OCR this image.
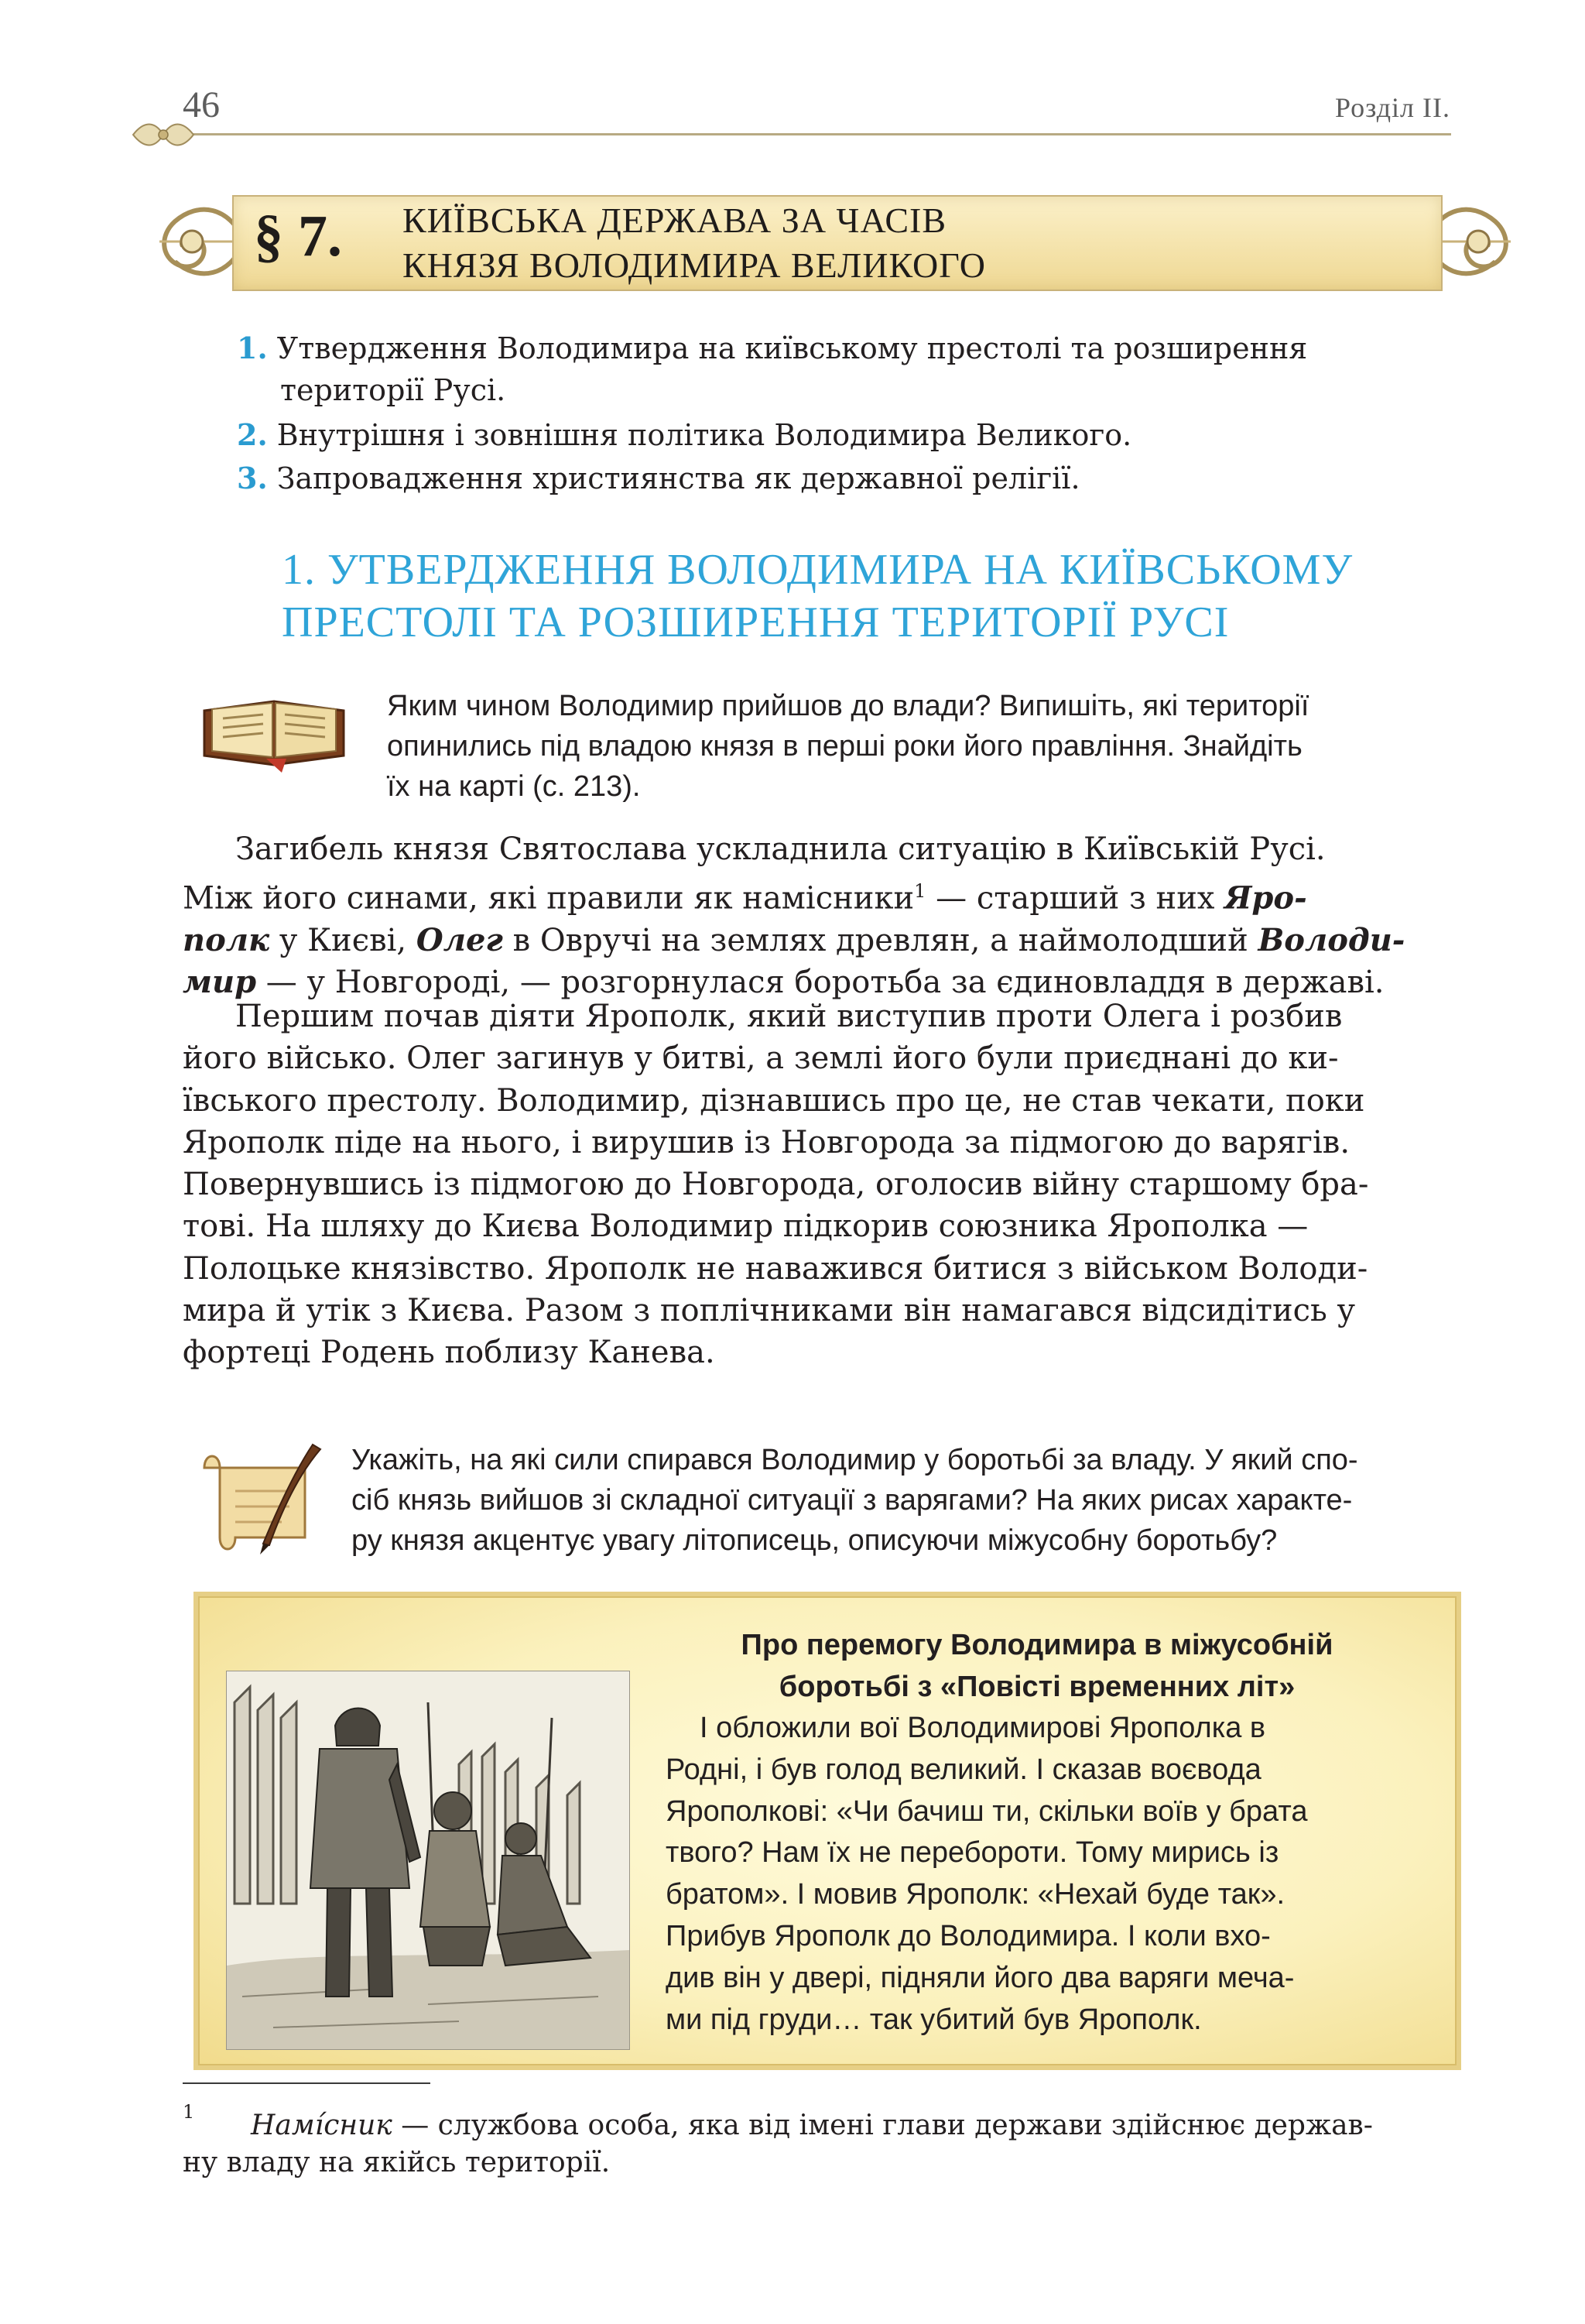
46	Розділ ІІ.
§ 7. КИЇВСЬКА ДЕРЖАВА ЗА ЧАСІВ
КНЯЗЯ ВОЛОДИМИРА ВЕЛИКОГО
1. Утвердження Володимира на київському престолі та розширення
території Русі.
2. Внутрішня і зовнішня політика Володимира Великого.
3. Запровадження християнства як державної релігії.
1. УТВЕРДЖЕННЯ ВОЛОДИМИРА НА КИЇВСЬКОМУ
ПРЕСТОЛІ ТА РОЗШИРЕННЯ ТЕРИТОРІЇ РУСІ
Яким чином Володимир прийшов до влади? Випишіть, які території
опинились під владою князя в перші роки його правління. Знайдіть
їх на карті (с. 213).
Загибель князя Святослава ускладнила ситуацію в Київській Русі.
Між його синами, які правили як намісники$^1$ — старший з них Яро-
полк у Києві, Олег в Овручі на землях древлян, а наймолодший Володи-
мир — у Новгороді, — розгорнулася боротьба за єдиновладдя в державі.
Першим почав діяти Ярополк, який виступив проти Олега і розбив
його військо. Олег загинув у битві, а землі його були приєднані до ки-
ївського престолу. Володимир, дізнавшись про це, не став чекати, поки
Ярополк піде на нього, і вирушив із Новгорода за підмогою до варягів.
Повернувшись із підмогою до Новгорода, оголосив війну старшому бра-
тові. На шляху до Києва Володимир підкорив союзника Ярополка —
Полоцьке князівство. Ярополк не наважився битися з військом Володи-
мира й утік з Києва. Разом з поплічниками він намагався відсидітись у
фортеці Родень поблизу Канева.
Укажіть, на які сили спирався Володимир у боротьбі за владу. У який спо-
сіб князь вийшов зі складної ситуації з варягами? На яких рисах характе-
ру князя акцентує увагу літописець, описуючи міжусобну боротьбу?
Про перемогу Володимира в міжусобній
боротьбі з «Повісті временних літ»
І обложили вої Володимирові Ярополка в
Родні, і був голод великий. І сказав воєвода
Ярополкові: «Чи бачиш ти, скільки воїв у брата
твого? Нам їх не перебороти. Тому мирись із
братом». І мовив Ярополк: «Нехай буде так».
Прибув Ярополк до Володимира. І коли вхо-
див він у двері, підняли його два варяги меча-
ми під груди… так убитий був Ярополк.
1	Намі́сник — службова особа, яка від імені глави держави здійснює держав-
ну владу на якійсь території.
